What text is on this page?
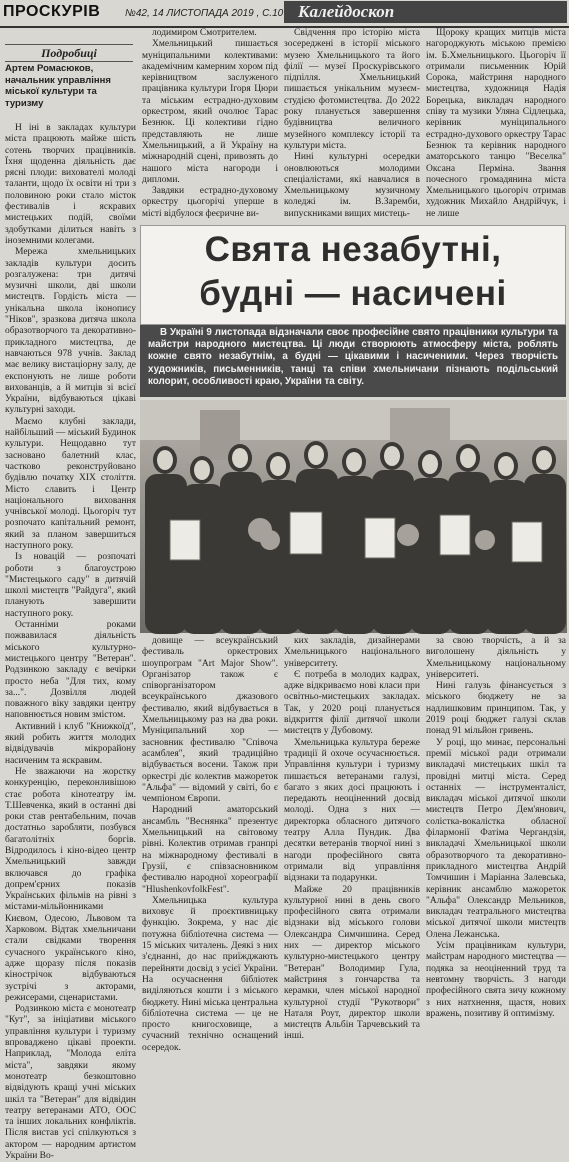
ПРОСКУРІВ №42, 14 ЛИСТОПАДА 2019 , С.10 Калейдоскоп
Подробиці
Артем Ромасюков, начальник управління міської культури та туризму

Н іні в закладах культури міста працюють майже шість сотень творчих працівників. Їхня щоденна діяльність дає рясні плоди: вихователі молоді таланти, щодо їх освіти ні три з половиною роки стало місток фестивалів і яскравих мистецьких подій, своїми здобутками ділиться навіть з іноземними колегами.

Мережа хмельницьких закладів культури досить розгалужена: три дитячі музичні школи, дві школи мистецтв. Гордість міста — унікальна школа іконопису "Ніков", зразкова дитяча школа образотворчого та декоративно-прикладного мистецтва, де навчаються 978 учнів. Заклад має велику вистаціорну залу, де експонують не лише роботи вихованців, а й митців зі всієї України, відбуваються цікаві культурні заходи.

Маємо клубні заклади, найбільший — міський Будинок культури. Нещодавно тут засновано балетний клас, частково реконструйовано будівлю початку XIX століття. Місто славить і Центр національного виховання учнівської молоді. Цьогоріч тут розпочато капітальний ремонт, який за планом завершиться наступного року.

Із новацій — розпочаті роботи з благоустрою "Мистецького саду" в дитячій школі мистецтв "Райдуга", який планують завершити наступного року.

Останніми роками пожвавилася діяльність міського культурно-мистецького центру "Ветеран". Родзинкою закладу є вечірки просто неба "Для тих, кому за...". Дозвілля людей поважного віку завдяки центру наповнюється новим змістом.

Активний і клуб "Книжкоїд", який робить життя молодих відвідувачів мікрорайону насиченим та яскравим.

Не зважаючи на жорстку конкуренцію, переконливішою стає робота кінотеатру ім. Т.Шевченка, який в останні дві роки став рентабельним, почав достатньо заробляти, позбувся багатолітніх боргів. Відродилось і кіно-відео центр Хмельницький завжди включався до графіка допрем'єрних показів Українських фільмів на рівні з містами-мільйонниками Києвом, Одесою, Львовом та Харковом. Відтак хмельничани стали свідками творення сучасного українського кіно, адже щоразу після показів кінострічок відбуваються зустрічі з акторами, режисерами, сценаристами.

Родзинкою міста є монотеатр "Кут", за ініціативи міського управління культури і туризму впроваджено цікаві проекти. Наприклад, "Молода еліта міста", завдяки якому монотеатр безкоштовно відвідують кращі учні міських шкіл та "Ветеран" для відвідин театру ветеранами АТО, ООС та інших локальних конфліктів. Після вистав усі спілкуються з актором — народним артистом України Во-

лодимиром Смотрителем.

Хмельницький пишається муніципальними колективами: академічним камерним хором під керівництвом заслуженого працівника культури Ігоря Цюри та міським естрадно-духовим оркестром, який очолює Тарас Безнюк. Ці колективи гідно представляють не лише Хмельницький, а й Україну на міжнародній сцені, привозять до нашого міста нагороди і дипломи.

Завдяки естрадно-духовому оркестру цьогорічі уперше в місті відбулося феєричне ви-

Свідчення про історію міста зосереджені в історії міського музею Хмельницького та його філії — музеї Проскурівського підпілля. Хмельницький пишається унікальним музеєм-студією фотомистецтва. До 2022 року планується завершення будівництва величного музейного комплексу історії та культури міста.

Нині культурні осередки оновлюються молодими спеціалістами, які навчалися в Хмельницькому музичному коледжі ім. В.Заремби, випускниками вищих мистець-

Щороку кращих митців міста нагороджують міською премією ім. Б.Хмельницького. Цьогоріч її отримали письменник Юрій Сорока, майстриня народного мистецтва, художниця Надія Борецька, викладач народного співу та музики Уляна Сідлецька, керівник муніципального естрадно-духового оркестру Тарас Безнюк та керівник народного аматорського танцю "Веселка" Оксана Перміна. Звання почесного громадянина міста Хмельницького цьогоріч отримав художник Михайло Андрійчук, і не лише

Свята незабутні,
будні — насичені

В Україні 9 листопада відзначали своє професійне свято працівники культури та майстри народного мистецтва. Ці люди створюють атмосферу міста, роблять кожне свято незабутнім, а будні — цікавими і насиченими. Через творчість художників, письменників, танці та співи хмельничани пізнають подільський колорит, особливості краю, України та світу.

довище — всеукраїнський фестиваль оркестрових шоупрограм "Art Major Show". Організатор також є співорганізатором всеукраїнського джазового фестивалю, який відбувається в Хмельницькому раз на два роки. Муніципальний хор — засновник фестивалю "Співоча асамблея", який традиційно відбувається восени. Також при оркестрі діє колектив мажореток "Альфа" — відомий у світі, бо є чемпіоном Європи.

Народний аматорський ансамбль "Веснянка" презентує Хмельницький на світовому рівні. Колектив отримав гранпрі на міжнародному фестивалі в Грузії, є співзасновником фестивалю народної хореографії "HlushenkovfolkFest".

Хмельницька культура виховує й проєктивницьку функцію. Зокрема, у нас діє потужна бібліотечна система — 15 міських читалень. Деякі з них з'єднанні, до нас приїжджають перейняти досвід з усієї України. На осучаснення бібліотек виділяються кошти і з міського бюджету. Нині міська центральна бібліотечна система — це не просто книгосховище, а сучасний технічно оснащений осередок.

ких закладів, дизайнерами Хмельницького національного університету.

Є потреба в молодих кадрах, адже відкриваємо нові класи при освітньо-мистецьких закладах. Так, у 2020 році планується відкриття філії дитячої школи мистецтв у Дубовому.

Хмельницька культура береже традиції й охоче осучаснюється. Управління культури і туризму пишається ветеранами галузі, багато з яких досі працюють і передають неоціненний досвід молоді. Одна з них — директорка обласного дитячого театру Алла Пундик. Два десятки ветеранів творчої нині з нагоди професійного свята отримали від управління відзнаки та подарунки.

Майже 20 працівників культурної нині в день свого професійного свята отримали відзнаки від міського голови Олександра Симчишина. Серед них — директор міського культурно-мистецького центру "Ветеран" Володимир Гула, майстриня з гончарства та керамки, член міської народної культурної студії "Рукотвори" Наталя Роут, директор школи мистецтв Альбін Тарчевський та інші.

за свою творчість, а й за виголошену діяльність у Хмельницькому національному університеті.

Нині галузь фінансується з міського бюджету не за надлишковим принципом. Так, у 2019 році бюджет галузі склав понад 91 мільйон гривень.

У році, що минає, персональні премії міської ради отримали викладачі мистецьких шкіл та провідні митці міста. Серед останніх — інструменталіст, викладач міської дитячої школи мистецтв Петро Дем'янович, солістка-вокалістка обласної філармонії Фатіма Чергандзія, викладачі Хмельницької школи образотворчого та декоративно-прикладного мистецтва Андрій Томчишин і Маріанна Залевська, керівник ансамблю мажореток "Альфа" Олександр Мельников, викладач театрального мистецтва міської дитячої школи мистецтв Олена Лежанська.

Усім працівникам культури, майстрам народного мистецтва — подяка за неоціненний труд та невтомну творчість. З нагоди професійного свята зичу кожному з них натхнення, щастя, нових вражень, позитиву й оптимізму.
